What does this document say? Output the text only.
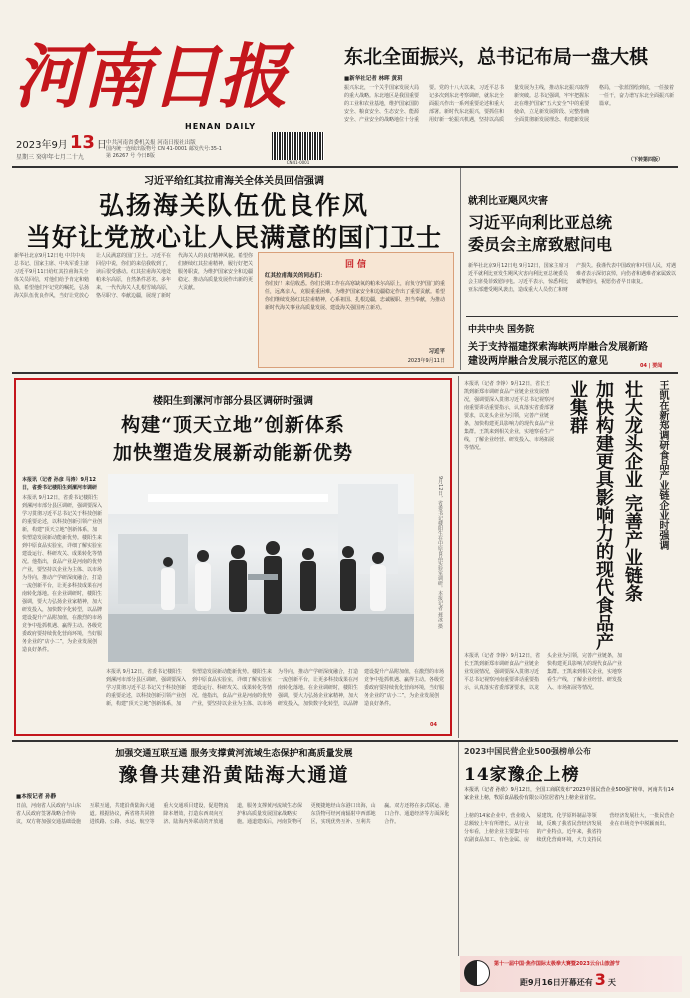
河南日报
HENAN DAILY
2023年9月 13 日
星期三 癸卯年七月二十九
中共河南省委机关报 河南日报社出版
国内统一连续出版物号 CN 41-0001 邮发代号:35-1
第 26267 号 今日8版
CN41-0001
东北全面振兴，总书记布局一盘大棋
■新华社记者 林晖 黄玥
振兴东北，一个关乎国家发展大局的重大战略。东北地区是我国重要的工业和农业基地，维护国家国防安全、粮食安全、生态安全、能源安全、产业安全的战略地位十分重要。党的十八大以来，习近平总书记多次到东北考察调研，就东北全面振兴作出一系列重要论述和重大部署。新时代东北振兴，要抓住和用好新一轮振兴机遇，坚持以高质量发展为主线，推动东北振兴取得新突破。总书记强调，牢牢把握东北在维护国家“五大安全”中的重要使命，立足新发展阶段、完整准确全面贯彻新发展理念、构建新发展格局，一张蓝图绘到底，一任接着一任干，奋力谱写东北全面振兴新篇章。
（下转第四版）
习近平给红其拉甫海关全体关员回信强调
弘扬海关队伍优良作风
当好让党放心让人民满意的国门卫士
新华社北京9月12日电 中共中央总书记、国家主席、中央军委主席习近平9月11日给红其拉甫海关全体关员回信，对他们给予肯定和勉励，希望他们牢记党的嘱托，弘扬海关队伍优良作风，当好让党放心让人民满意的国门卫士。习近平在回信中说，你们的来信我收到了，读后很受感动。红其拉甫海关地处帕米尔高原，自然条件恶劣。多年来，一代代海关人扎根雪域高原，恪尽职守、奉献边疆，展现了新时代海关人的良好精神风貌。希望你们赓续红其拉甫精神，履行好把关服务职责，为维护国家安全和边疆稳定、推动高质量发展作出新的更大贡献。
回信
红其拉甫海关的同志们：
你们好！来信收悉。你们长期工作在高寒缺氧的帕米尔高原上，肩负守护国门的重任，远离亲人，克服重重困难，为维护国家安全和边疆稳定作出了重要贡献。希望你们继续发扬红其拉甫精神，心系祖国、扎根边疆，忠诚履职、担当奉献，为推动新时代海关事业高质量发展、建设海关强国再立新功。
习近平
2023年9月11日
就利比亚飓风灾害
习近平向利比亚总统
委员会主席致慰问电
新华社北京9月12日电 9月12日，国家主席习近平就利比亚发生飓风灾害向利比亚总统委员会主席曼菲致慰问电。习近平表示，惊悉利比亚东部遭受飓风袭击，造成重大人员伤亡和财产损失。我谨代表中国政府和中国人民，对遇难者表示深切哀悼，向伤者和遇难者家属致以诚挚慰问，祝愿伤者早日康复。
中共中央 国务院
关于支持福建探索海峡两岸融合发展新路
建设两岸融合发展示范区的意见	04 | 要闻
楼阳生到漯河市部分县区调研时强调
构建“顶天立地”创新体系
加快塑造发展新动能新优势
本报讯（记者 孙彦 马涛）9月12日，省委书记楼阳生到漯河市调研
本报讯 9月12日，省委书记楼阳生到漯河市部分县区调研，强调要深入学习贯彻习近平总书记关于科技创新的重要论述，以科技创新引领产业创新，构建“顶天立地”创新体系，加快塑造发展新动能新优势。楼阳生来到中原食品实验室，详细了解实验室建设运行、科研攻关、成果转化等情况。他指出，食品产业是河南的优势产业，要坚持以企业为主体、以市场为导向，推动产学研深度融合，打造一流创新平台，让更多科技成果在河南转化落地。在企业调研时，楼阳生强调，要大力弘扬企业家精神，加大研发投入，加快数字化转型，以品牌建设提升产品附加值，在激烈的市场竞争中抢抓机遇、赢得主动。各级党委政府要持续优化营商环境，当好服务企业的“店小二”，为企业发展创造良好条件。
本报讯 9月12日，省委书记楼阳生到漯河市部分县区调研，强调要深入学习贯彻习近平总书记关于科技创新的重要论述，以科技创新引领产业创新，构建“顶天立地”创新体系，加快塑造发展新动能新优势。楼阳生来到中原食品实验室，详细了解实验室建设运行、科研攻关、成果转化等情况。他指出，食品产业是河南的优势产业，要坚持以企业为主体、以市场为导向，推动产学研深度融合，打造一流创新平台，让更多科技成果在河南转化落地。在企业调研时，楼阳生强调，要大力弘扬企业家精神，加大研发投入，加快数字化转型，以品牌建设提升产品附加值，在激烈的市场竞争中抢抓机遇、赢得主动。各级党委政府要持续优化营商环境，当好服务企业的“店小二”，为企业发展创造良好条件。
9月12日，省委书记楼阳生在中原食品实验室调研。本报记者 聂冰 摄
04
本报讯（记者 李铮）9月12日，省长王凯到新郑市调研食品产业链企业发展情况，强调要深入贯彻习近平总书记视察河南重要讲话重要指示，认真落实省委部署要求，以龙头企业为引领，完善产业链条，加快构建更具影响力的现代食品产业集群。王凯来到相关企业，实地察看生产线，了解企业经营、研发投入、市场拓展等情况。
本报讯（记者 李铮）9月12日，省长王凯到新郑市调研食品产业链企业发展情况，强调要深入贯彻习近平总书记视察河南重要讲话重要指示，认真落实省委部署要求，以龙头企业为引领，完善产业链条，加快构建更具影响力的现代食品产业集群。王凯来到相关企业，实地察看生产线，了解企业经营、研发投入、市场拓展等情况。
加快构建更具影响力的现代食品产业集群	壮大龙头企业 完善产业链条	王凯在新郑调研食品产业链企业时强调
加强交通互联互通 服务支撑黄河流域生态保护和高质量发展
豫鲁共建沿黄陆海大通道
■本报记者 孙静
日前，河南省人民政府与山东省人民政府签署战略合作协议，双方将加强交通基础设施互联互通，共建沿黄陆海大通道。根据协议，两省将共同推进铁路、公路、水运、航空等重大交通项目建设，促进物流降本增效，打造东西双向互济、陆海内外联动的开放通道，服务支撑黄河流域生态保护和高质量发展国家战略实施。通道建成后，河南货物可更便捷地经山东港口出海，山东货物可经河南辐射中西部地区，实现优势互补、互利共赢。双方还将在多式联运、港口合作、通道经济等方面深化合作。
2023中国民营企业500强榜单公布
14家豫企上榜
本报讯（记者 孙欣）9月12日，全国工商联发布“2023中国民营企业500强”榜单，河南共有14家企业上榜，牧原食品股份有限公司位居省内上榜企业首位。
上榜的14家企业中，营业收入总额较上年有所增长。从行业分布看，上榜企业主要集中在农副食品加工、有色金属、房屋建筑、化学原料制品等领域，反映了我省民营经济发展的产业特点。近年来，我省持续优化营商环境，大力支持民营经济发展壮大，一批民营企业在市场竞争中脱颖而出。
第十一届中国·焦作国际太极拳大赛暨2023云台山旅游节
距9月16日开幕还有 3 天
